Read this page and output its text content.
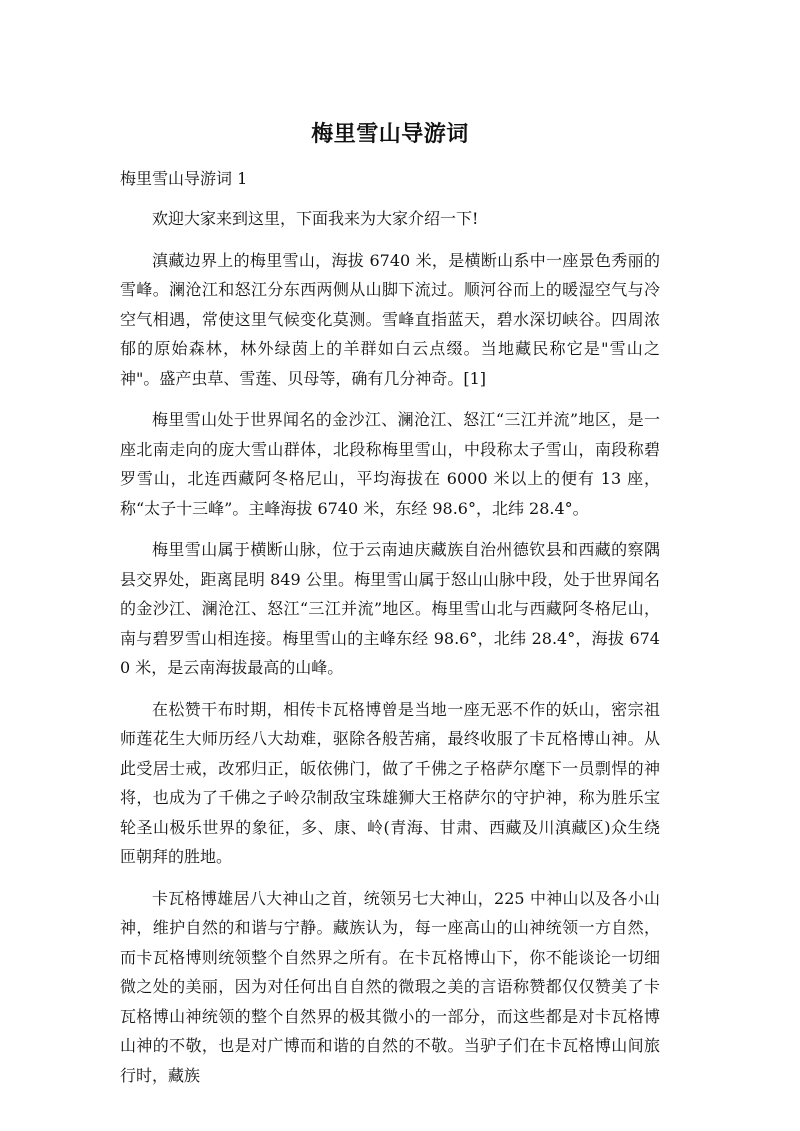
梅里雪山导游词
梅里雪山导游词 1

欢迎大家来到这里，下面我来为大家介绍一下!

滇藏边界上的梅里雪山，海拔 6740 米，是横断山系中一座景色秀丽的雪峰。澜沧江和怒江分东西两侧从山脚下流过。顺河谷而上的暖湿空气与冷空气相遇，常使这里气候变化莫测。雪峰直指蓝天，碧水深切峡谷。四周浓郁的原始森林，林外绿茵上的羊群如白云点缀。当地藏民称它是"雪山之神"。盛产虫草、雪莲、贝母等，确有几分神奇。[1]

梅里雪山处于世界闻名的金沙江、澜沧江、怒江“三江并流”地区，是一座北南走向的庞大雪山群体，北段称梅里雪山，中段称太子雪山，南段称碧罗雪山，北连西藏阿冬格尼山，平均海拔在 6000 米以上的便有 13 座，称“太子十三峰”。主峰海拔 6740 米，东经 98.6°，北纬 28.4°。

梅里雪山属于横断山脉，位于云南迪庆藏族自治州德钦县和西藏的察隅县交界处，距离昆明 849 公里。梅里雪山属于怒山山脉中段，处于世界闻名的金沙江、澜沧江、怒江“三江并流”地区。梅里雪山北与西藏阿冬格尼山，南与碧罗雪山相连接。梅里雪山的主峰东经 98.6°，北纬 28.4°，海拔 6740 米，是云南海拔最高的山峰。

在松赞干布时期，相传卡瓦格博曾是当地一座无恶不作的妖山，密宗祖师莲花生大师历经八大劫难，驱除各般苦痛，最终收服了卡瓦格博山神。从此受居士戒，改邪归正，皈依佛门，做了千佛之子格萨尔麾下一员剽悍的神将，也成为了千佛之子岭尕制敌宝珠雄狮大王格萨尔的守护神，称为胜乐宝轮圣山极乐世界的象征，多、康、岭(青海、甘肃、西藏及川滇藏区)众生绕匝朝拜的胜地。

卡瓦格博雄居八大神山之首，统领另七大神山，225 中神山以及各小山神，维护自然的和谐与宁静。藏族认为，每一座高山的山神统领一方自然，而卡瓦格博则统领整个自然界之所有。在卡瓦格博山下，你不能谈论一切细微之处的美丽，因为对任何出自自然的微瑕之美的言语称赞都仅仅赞美了卡瓦格博山神统领的整个自然界的极其微小的一部分，而这些都是对卡瓦格博山神的不敬，也是对广博而和谐的自然的不敬。当驴子们在卡瓦格博山间旅行时，藏族
